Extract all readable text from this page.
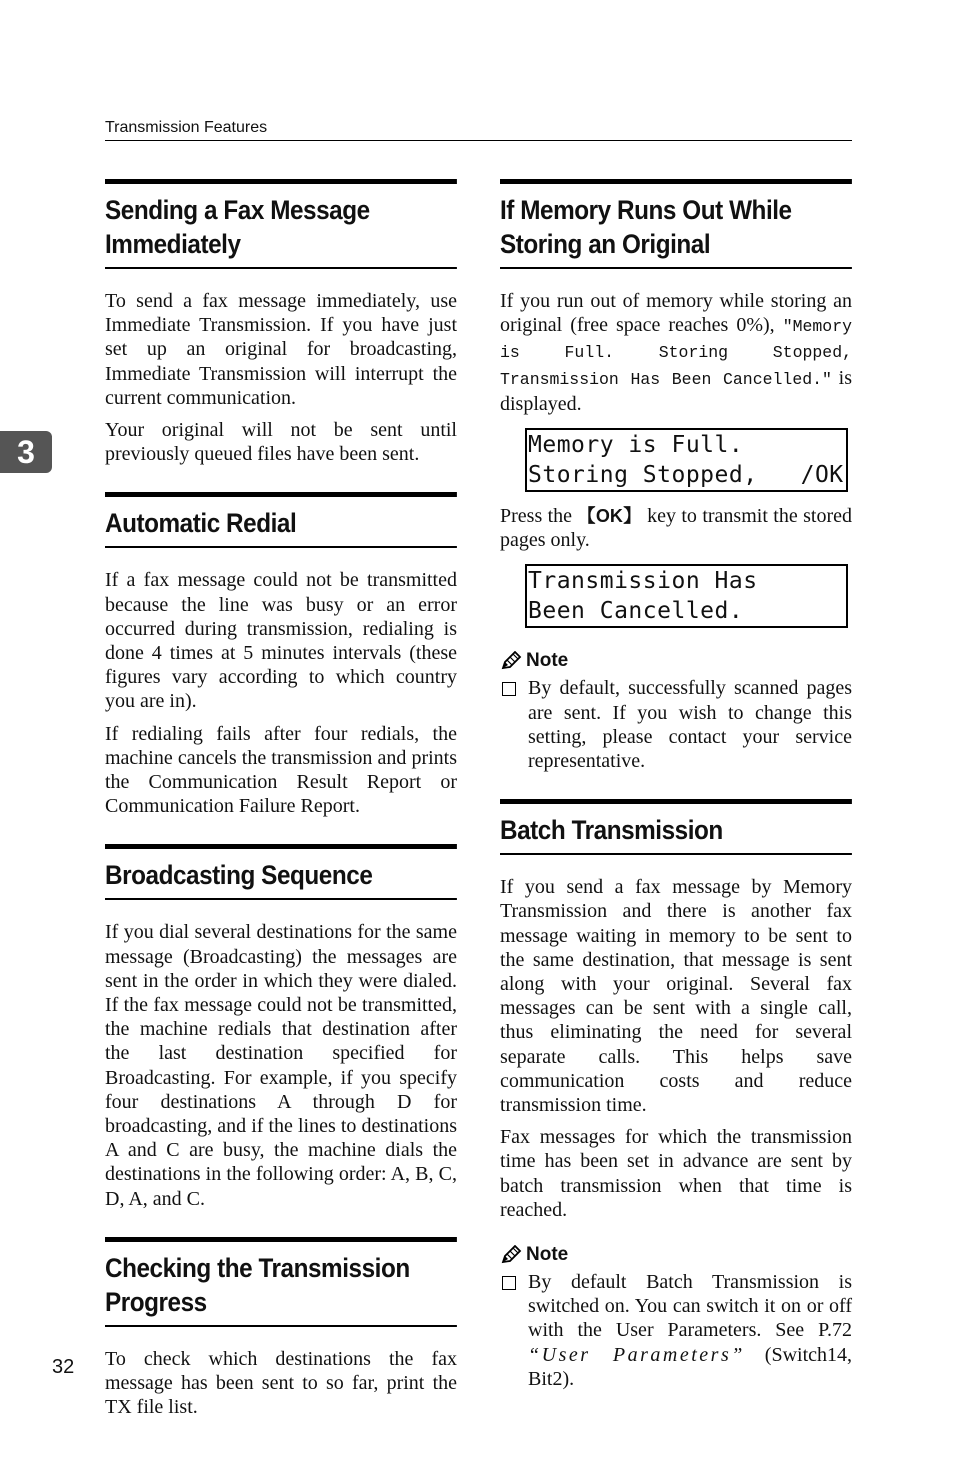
Transmission Features
3
32
Sending a Fax Message Immediately

To send a fax message immediately, use Immediate Transmission. If you have just set up an original for broadcasting, Immediate Transmission will interrupt the current communication.

Your original will not be sent until previously queued files have been sent.

Automatic Redial

If a fax message could not be transmitted because the line was busy or an error occurred during transmission, redialing is done 4 times at 5 minutes intervals (these figures vary according to which country you are in).

If redialing fails after four redials, the machine cancels the transmission and prints the Communication Result Report or Communication Failure Report.

Broadcasting Sequence

If you dial several destinations for the same message (Broadcasting) the messages are sent in the order in which they were dialed. If the fax message could not be transmitted, the machine redials that destination after the last destination specified for Broadcasting. For example, if you specify four destinations A through D for broadcasting, and if the lines to destinations A and C are busy, the machine dials the destinations in the following order: A, B, C, D, A, and C.

Checking the Transmission Progress

To check which destinations the fax message has been sent to so far, print the TX file list.

If Memory Runs Out While Storing an Original

If you run out of memory while storing an original (free space reaches 0%), "Memory is Full. Storing Stopped, Transmission Has Been Cancelled." is displayed.

Memory is Full.
Storing Stopped,   /OK

Press the 【OK】 key to transmit the stored pages only.

Transmission Has
Been Cancelled.
Note

By default, successfully scanned pages are sent. If you wish to change this setting, please contact your service representative.

Batch Transmission

If you send a fax message by Memory Transmission and there is another fax message waiting in memory to be sent to the same destination, that message is sent along with your original. Several fax messages can be sent with a single call, thus eliminating the need for several separate calls. This helps save communication costs and reduce transmission time.

Fax messages for which the transmission time has been set in advance are sent by batch transmission when that time is reached.

Note

By default Batch Transmission is switched on. You can switch it on or off with the User Parameters. See P.72 “User Parameters” (Switch14, Bit2).
